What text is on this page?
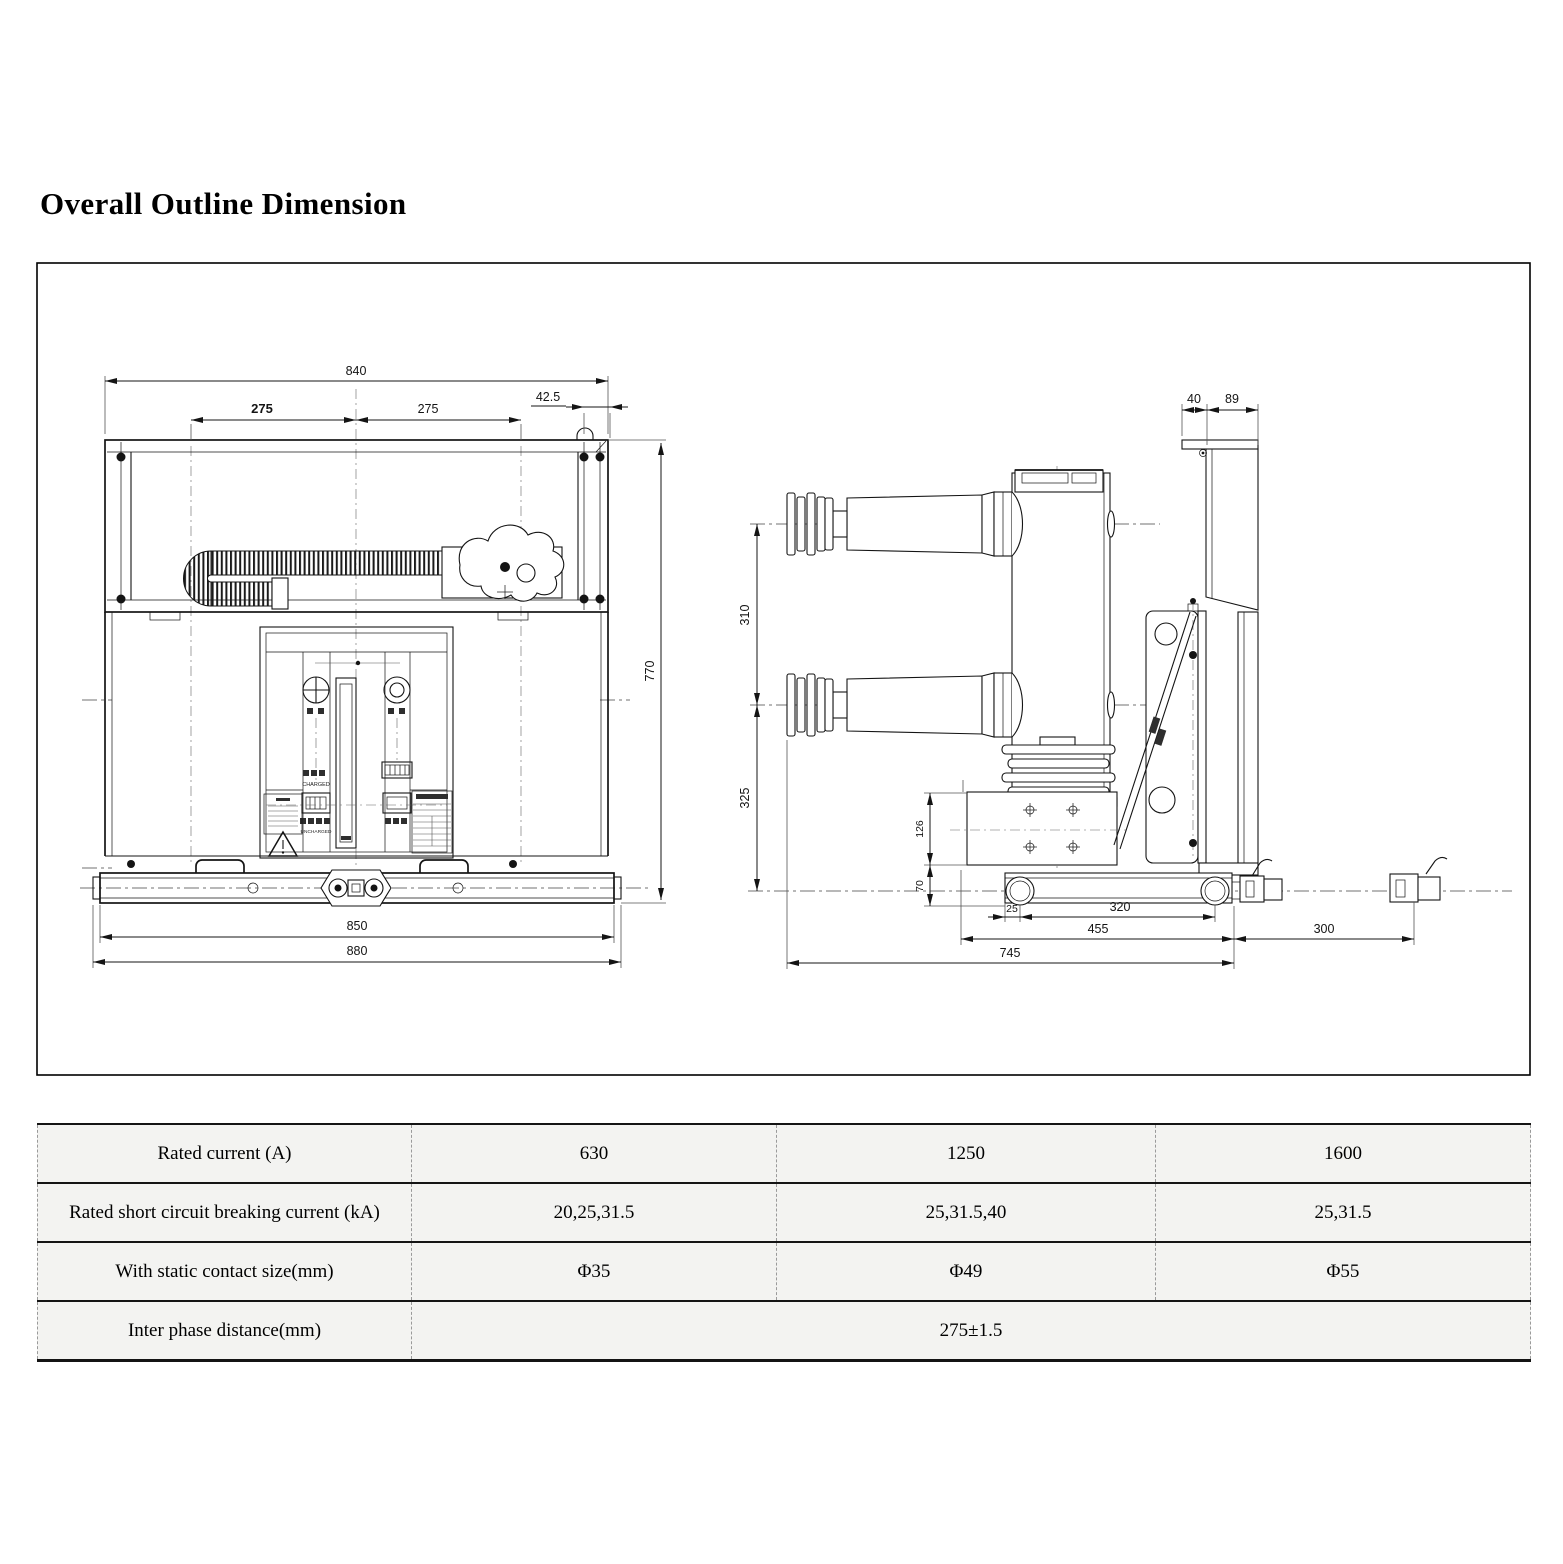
Overall Outline Dimension
CHARGED
UNCHARGED
840
275	275
42.5
770
850
880
40 89
310
325
126
70
25	320
455	300
745
Rated current (A)	630	1250	1600
Rated short circuit breaking current (kA)	20,25,31.5	25,31.5,40	25,31.5
With static contact size(mm)	Φ35	Φ49	Φ55
Inter phase distance(mm)	275±1.5		
